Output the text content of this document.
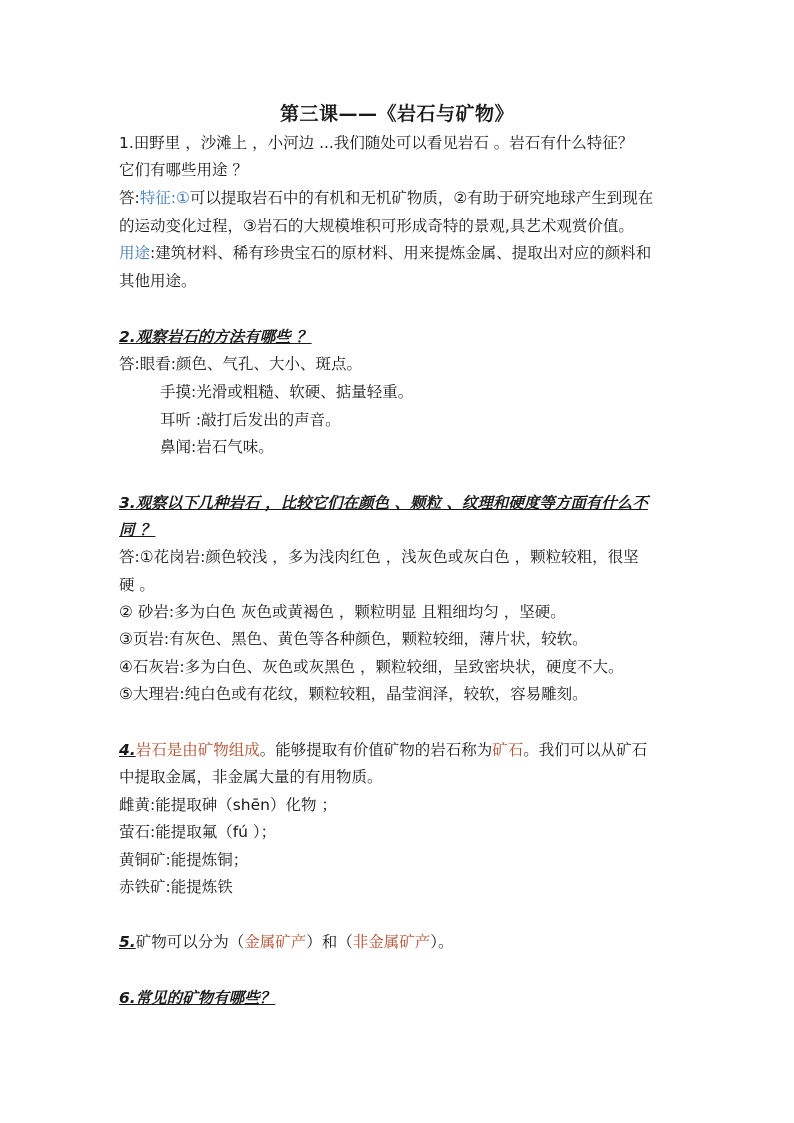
第三课——《岩石与矿物》
1.田野里 ，沙滩上 ，小河边 ...我们随处可以看见岩石 。岩石有什么特征？
它们有哪些用途 ？
答:特征:①可以提取岩石中的有机和无机矿物质，②有助于研究地球产生到现在
的运动变化过程，③岩石的大规模堆积可形成奇特的景观,具艺术观赏价值。
用途:建筑材料、稀有珍贵宝石的原材料、用来提炼金属、提取出对应的颜料和
其他用途。
2.观察岩石的方法有哪些 ？
答:眼看:颜色、气孔、大小、斑点。
手摸:光滑或粗糙、软硬、掂量轻重。
耳听 :敲打后发出的声音。
鼻闻:岩石气味。
3.观察以下几种岩石 ，比较它们在颜色 、颗粒 、纹理和硬度等方面有什么不
同 ？
答:①花岗岩:颜色较浅 ，多为浅肉红色 ，浅灰色或灰白色 ，颗粒较粗，很坚
硬 。
② 砂岩:多为白色 灰色或黄褐色 ，颗粒明显 且粗细均匀 ，坚硬。
③页岩:有灰色、黑色、黄色等各种颜色，颗粒较细，薄片状，较软。
④石灰岩:多为白色、灰色或灰黑色 ，颗粒较细，呈致密块状，硬度不大。
⑤大理岩:纯白色或有花纹，颗粒较粗，晶莹润泽，较软，容易雕刻。
4.岩石是由矿物组成。能够提取有价值矿物的岩石称为矿石。我们可以从矿石
中提取金属，非金属大量的有用物质。
雌黄:能提取砷（shēn）化物 ；
萤石:能提取氟（fú ）；
黄铜矿:能提炼铜；
赤铁矿:能提炼铁
5.矿物可以分为（金属矿产）和（非金属矿产）。
6.常见的矿物有哪些？
